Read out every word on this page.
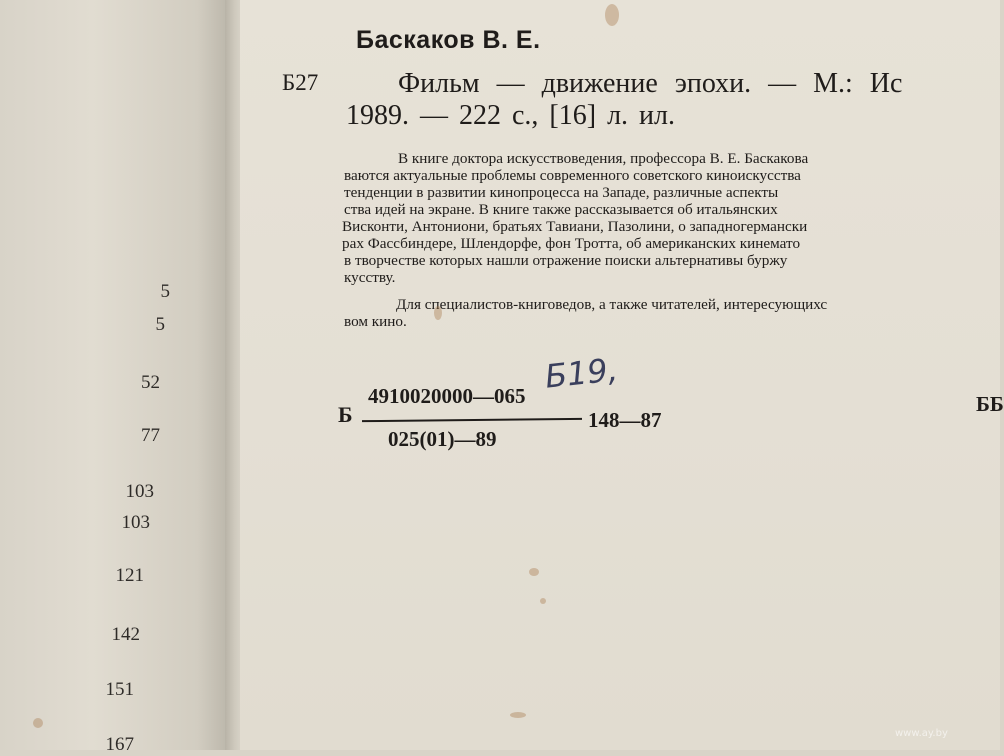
5
5
52
77
103
103
121
142
151
167
Баскаков В. Е.
Б27	Фильм — движение эпохи. — М.: Ис
1989. — 222 с., [16] л. ил.
В книге доктора искусствоведения, профессора В. Е. Баскакова
ваются актуальные проблемы современного советского киноискусства
тенденции в развитии кинопроцесса на Западе, различные аспекты
ства идей на экране. В книге также рассказывается об итальянских
Висконти, Антониони, братьях Тавиани, Пазолини, о западногермански
рах Фассбиндере, Шлендорфе, фон Тротта, об американских кинемато
в творчестве которых нашли отражение поиски альтернативы буржу
кусству.
Для специалистов-книговедов, а также читателей, интересующихс
вом кино.
Б19,
Б
4910020000—065
025(01)—89
148—87
ББ
www.ay.by
